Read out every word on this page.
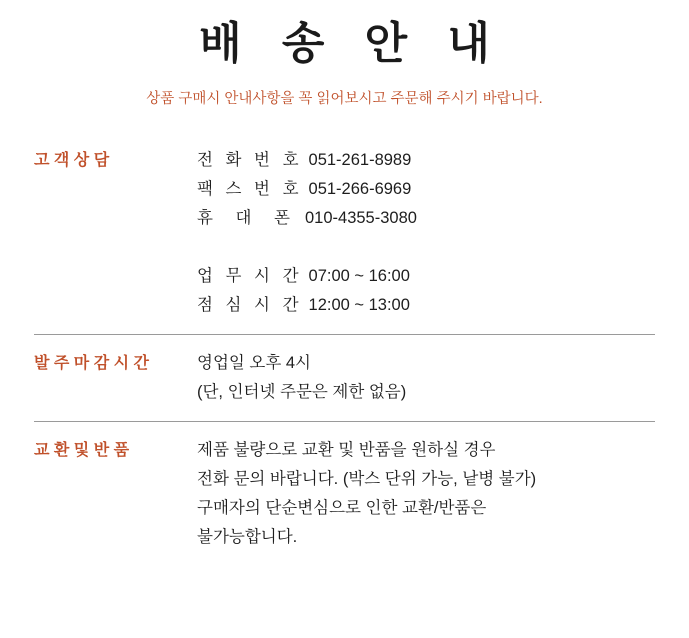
배 송 안 내
상품 구매시 안내사항을 꼭 읽어보시고 주문해 주시기 바랍니다.
고 객 상 담	전 화 번 호 051-261-8989
팩 스 번 호 051-266-6969
휴 대 폰 010-4355-3080
업 무 시 간 07:00 ~ 16:00
점 심 시 간 12:00 ~ 13:00
발 주 마 감 시 간	영업일 오후 4시
(단, 인터넷 주문은 제한 없음)
교 환 및 반 품	제품 불량으로 교환 및 반품을 원하실 경우
전화 문의 바랍니다. (박스 단위 가능, 낱병 불가)
구매자의 단순변심으로 인한 교환/반품은
불가능합니다.
